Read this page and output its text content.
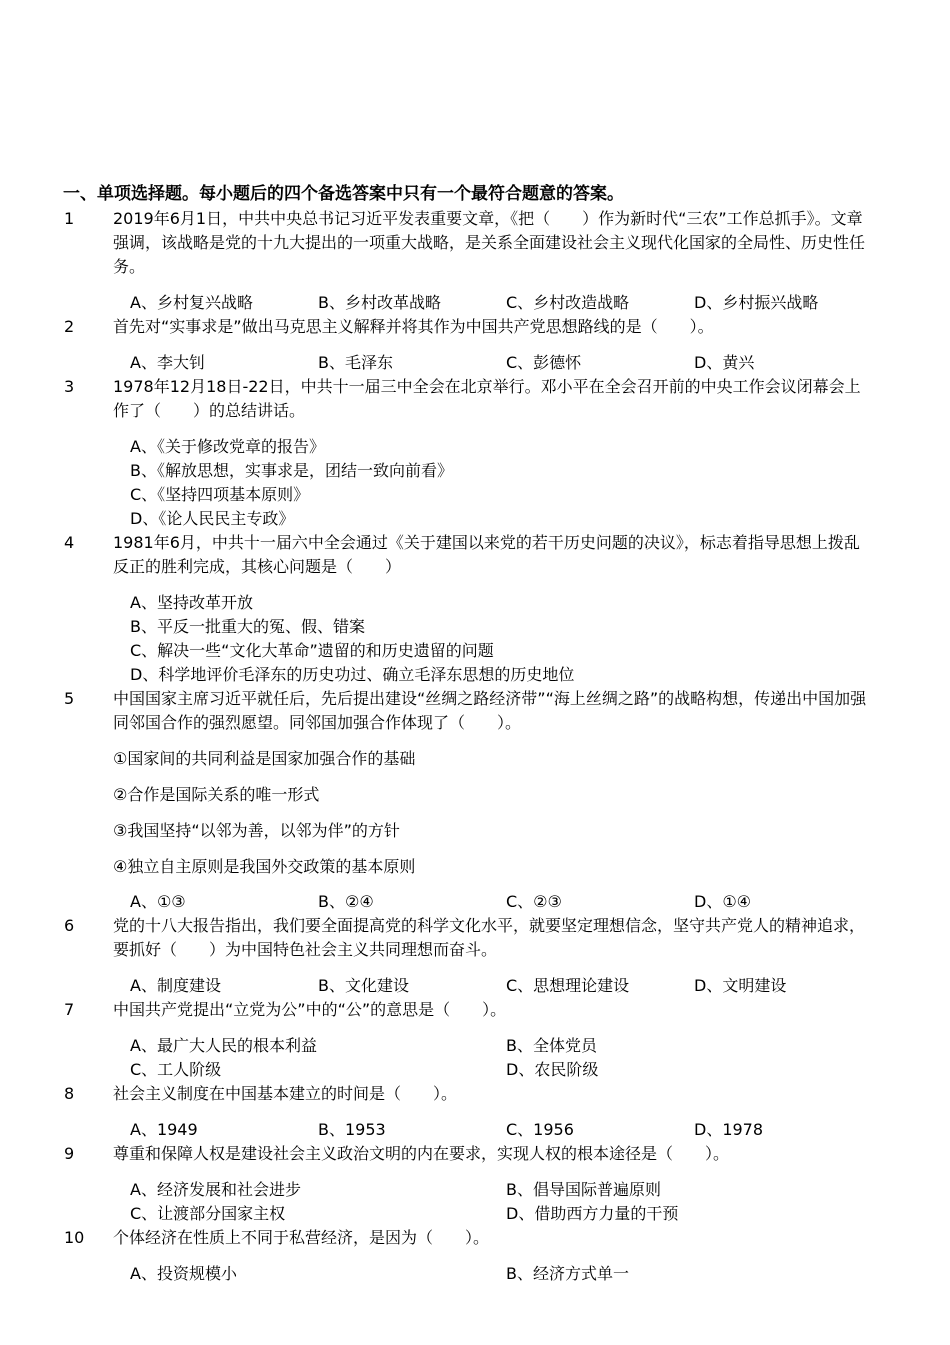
一、单项选择题。每小题后的四个备选答案中只有一个最符合题意的答案。
1 2019年6月1日，中共中央总书记习近平发表重要文章，《把（　　）作为新时代“三农”工作总抓手》。文章强调，该战略是党的十九大提出的一项重大战略，是关系全面建设社会主义现代化国家的全局性、历史性任务。
A、乡村复兴战略	B、乡村改革战略	C、乡村改造战略	D、乡村振兴战略
2 首先对“实事求是”做出马克思主义解释并将其作为中国共产党思想路线的是（　　）。
A、李大钊	B、毛泽东	C、彭德怀	D、黄兴
3 1978年12月18日-22日，中共十一届三中全会在北京举行。邓小平在全会召开前的中央工作会议闭幕会上作了（　　）的总结讲话。
A、《关于修改党章的报告》
B、《解放思想，实事求是，团结一致向前看》
C、《坚持四项基本原则》
D、《论人民民主专政》
4 1981年6月，中共十一届六中全会通过《关于建国以来党的若干历史问题的决议》，标志着指导思想上拨乱反正的胜利完成，其核心问题是（　　）
A、坚持改革开放
B、平反一批重大的冤、假、错案
C、解决一些“文化大革命”遗留的和历史遗留的问题
D、科学地评价毛泽东的历史功过、确立毛泽东思想的历史地位
5 中国国家主席习近平就任后，先后提出建设“丝绸之路经济带”“海上丝绸之路”的战略构想，传递出中国加强同邻国合作的强烈愿望。同邻国加强合作体现了（　　）。
①国家间的共同利益是国家加强合作的基础
②合作是国际关系的唯一形式
③我国坚持“以邻为善，以邻为伴”的方针
④独立自主原则是我国外交政策的基本原则
A、①③	B、②④	C、②③	D、①④
6 党的十八大报告指出，我们要全面提高党的科学文化水平，就要坚定理想信念，坚守共产党人的精神追求，要抓好（　　）为中国特色社会主义共同理想而奋斗。
A、制度建设	B、文化建设	C、思想理论建设	D、文明建设
7 中国共产党提出“立党为公”中的“公”的意思是（　　）。
A、最广大人民的根本利益	B、全体党员
C、工人阶级	D、农民阶级
8 社会主义制度在中国基本建立的时间是（　　）。
A、1949	B、1953	C、1956	D、1978
9 尊重和保障人权是建设社会主义政治文明的内在要求，实现人权的根本途径是（　　）。
A、经济发展和社会进步	B、倡导国际普遍原则
C、让渡部分国家主权	D、借助西方力量的干预
10 个体经济在性质上不同于私营经济，是因为（　　）。
A、投资规模小	B、经济方式单一
